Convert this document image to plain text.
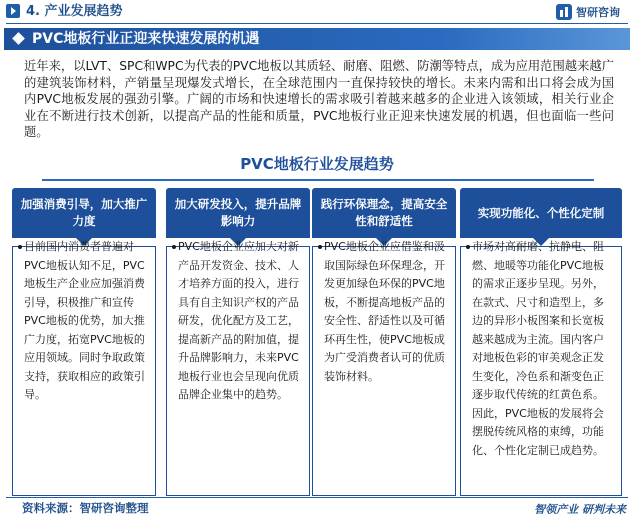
4. 产业发展趋势	智研咨询
PVC地板行业正迎来快速发展的机遇
近年来，以LVT、SPC和WPC为代表的PVC地板以其质轻、耐磨、阻燃、防潮等特点，成为应用范围越来越广的建筑装饰材料，产销量呈现爆发式增长，在全球范围内一直保持较快的增长。未来内需和出口将会成为国内PVC地板发展的强劲引擎。广阔的市场和快速增长的需求吸引着越来越多的企业进入该领域，相关行业企业在不断进行技术创新，以提高产品的性能和质量，PVC地板行业正迎来快速发展的机遇，但也面临一些问题。
PVC地板行业发展趋势
加强消费引导，加大推广力度
目前国内消费者普遍对PVC地板认知不足，PVC地板生产企业应加强消费引导，积极推广和宣传PVC地板的优势，加大推广力度，拓宽PVC地板的应用领域。同时争取政策支持，获取相应的政策引导。
加大研发投入，提升品牌影响力
PVC地板企业应加大对新产品开发资金、技术、人才培养方面的投入，进行具有自主知识产权的产品研发，优化配方及工艺，提高新产品的附加值，提升品牌影响力，未来PVC地板行业也会呈现向优质品牌企业集中的趋势。
践行环保理念，提高安全性和舒适性
PVC地板企业应借鉴和汲取国际绿色环保理念，开发更加绿色环保的PVC地板，不断提高地板产品的安全性、舒适性以及可循环再生性，使PVC地板成为广受消费者认可的优质装饰材料。
实现功能化、个性化定制
市场对高耐磨、抗静电、阻燃、地暖等功能化PVC地板的需求正逐步呈现。另外，在款式、尺寸和造型上，多边的异形小板图案和长宽板越来越成为主流。国内客户对地板色彩的审美观念正发生变化，冷色系和渐变色正逐步取代传统的红黄色系。因此，PVC地板的发展将会摆脱传统风格的束缚，功能化、个性化定制已成趋势。
资料来源：智研咨询整理	智领产业 研判未来
